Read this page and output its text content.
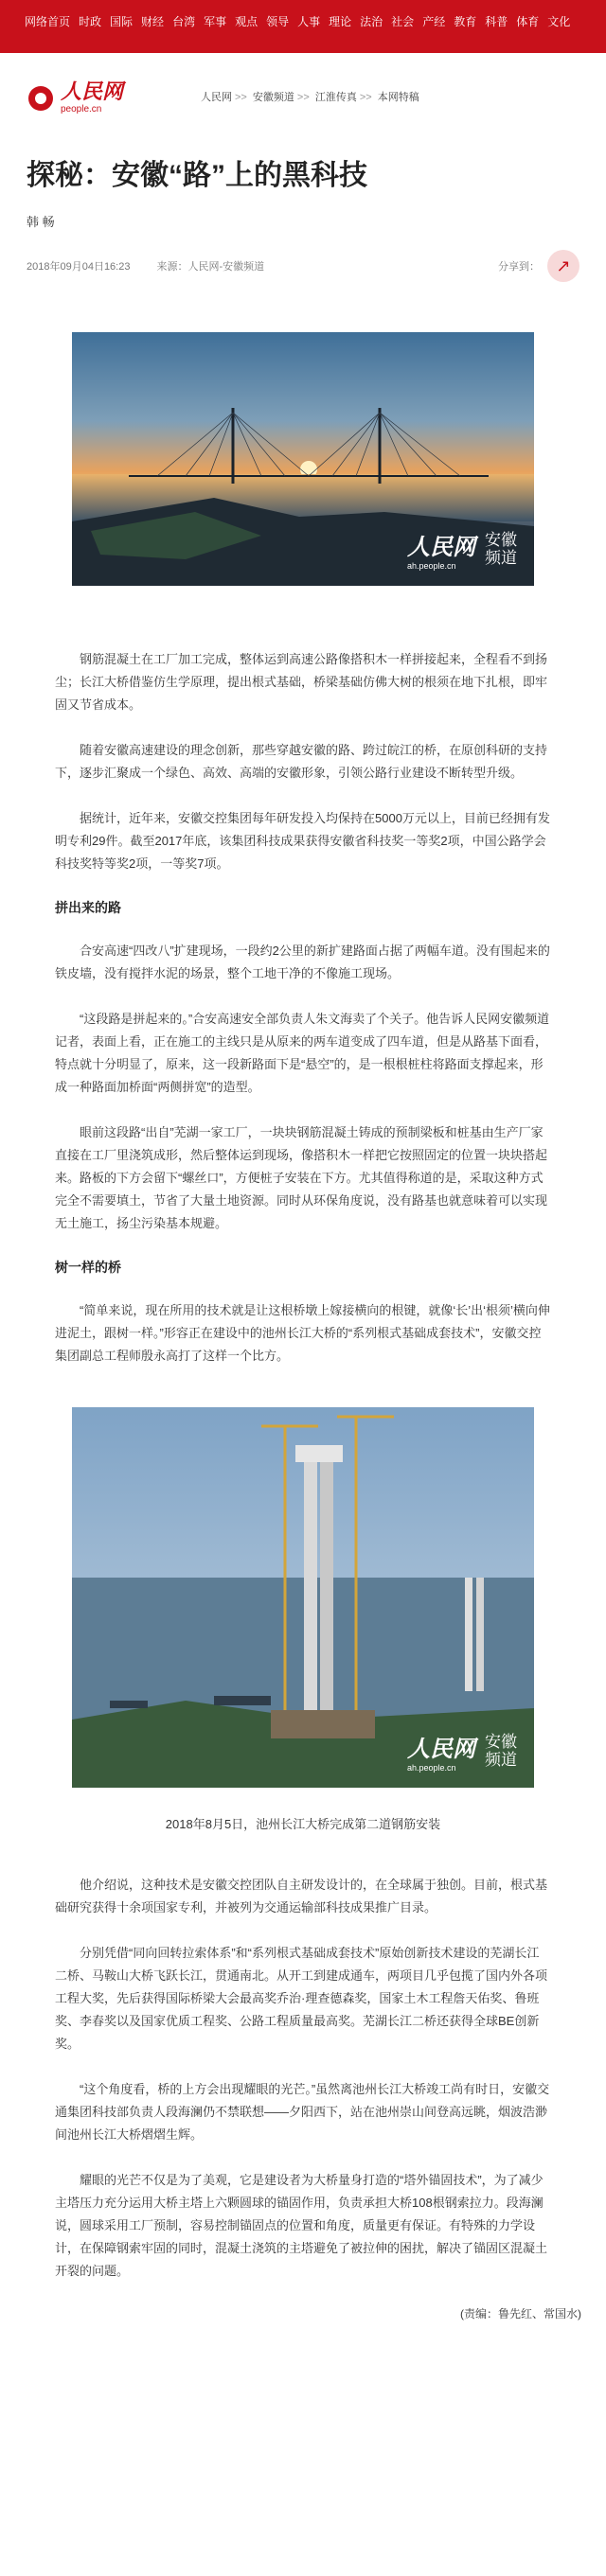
网络首页 时政 国际 财经 台湾 军事 观点 领导 人事 理论 法治 社会 产经 教育 科普 体育 文化
人民网
people.cn
人民网 >> 安徽频道 >> 江淮传真 >> 本网特稿
探秘：安徽“路”上的黑科技
韩 畅
2018年09月04日16:23	来源：人民网-安徽频道	分享到： ↗
人民网
ah.people.cn
安徽
频道

钢筋混凝土在工厂加工完成，整体运到高速公路像搭积木一样拼接起来，全程看不到扬尘；长江大桥借鉴仿生学原理，提出根式基础，桥梁基础仿佛大树的根须在地下扎根，即牢固又节省成本。

随着安徽高速建设的理念创新，那些穿越安徽的路、跨过皖江的桥，在原创科研的支持下，逐步汇聚成一个绿色、高效、高端的安徽形象，引领公路行业建设不断转型升级。

据统计，近年来，安徽交控集团每年研发投入均保持在5000万元以上，目前已经拥有发明专利29件。截至2017年底，该集团科技成果获得安徽省科技奖一等奖2项，中国公路学会科技奖特等奖2项，一等奖7项。

拼出来的路

合安高速“四改八”扩建现场，一段约2公里的新扩建路面占据了两幅车道。没有围起来的铁皮墙，没有搅拌水泥的场景，整个工地干净的不像施工现场。

“这段路是拼起来的。”合安高速安全部负责人朱文海卖了个关子。他告诉人民网安徽频道记者，表面上看，正在施工的主线只是从原来的两车道变成了四车道，但是从路基下面看，特点就十分明显了，原来，这一段新路面下是“悬空”的，是一根根桩柱将路面支撑起来，形成一种路面加桥面“两侧拼宽”的造型。

眼前这段路“出自”芜湖一家工厂，一块块钢筋混凝土铸成的预制梁板和桩基由生产厂家直接在工厂里浇筑成形，然后整体运到现场，像搭积木一样把它按照固定的位置一块块搭起来。路板的下方会留下“螺丝口”，方便桩子安装在下方。尤其值得称道的是，采取这种方式完全不需要填土，节省了大量土地资源。同时从环保角度说，没有路基也就意味着可以实现无土施工，扬尘污染基本规避。

树一样的桥

“简单来说，现在所用的技术就是让这根桥墩上嫁接横向的根键，就像‘长’出‘根须’横向伸进泥土，跟树一样。”形容正在建设中的池州长江大桥的“系列根式基础成套技术”，安徽交控集团副总工程师殷永高打了这样一个比方。

人民网
ah.people.cn
安徽
频道
2018年8月5日，池州长江大桥完成第二道钢筋安装

他介绍说，这种技术是安徽交控团队自主研发设计的，在全球属于独创。目前，根式基础研究获得十余项国家专利，并被列为交通运输部科技成果推广目录。

分别凭借“同向回转拉索体系”和“系列根式基础成套技术”原始创新技术建设的芜湖长江二桥、马鞍山大桥飞跃长江，贯通南北。从开工到建成通车，两项目几乎包揽了国内外各项工程大奖，先后获得国际桥梁大会最高奖乔治·理查德森奖，国家土木工程詹天佑奖、鲁班奖、李春奖以及国家优质工程奖、公路工程质量最高奖。芜湖长江二桥还获得全球BE创新奖。

“这个角度看，桥的上方会出现耀眼的光芒。”虽然离池州长江大桥竣工尚有时日，安徽交通集团科技部负责人段海澜仍不禁联想——夕阳西下，站在池州崇山间登高远眺，烟波浩渺间池州长江大桥熠熠生辉。

耀眼的光芒不仅是为了美观，它是建设者为大桥量身打造的“塔外锚固技术”，为了减少主塔压力充分运用大桥主塔上六颗圆球的锚固作用，负责承担大桥108根钢索拉力。段海澜说，圆球采用工厂预制，容易控制锚固点的位置和角度，质量更有保证。有特殊的力学设计，在保障钢索牢固的同时，混凝土浇筑的主塔避免了被拉伸的困扰，解决了锚固区混凝土开裂的问题。

(责编：鲁先红、常国水)
